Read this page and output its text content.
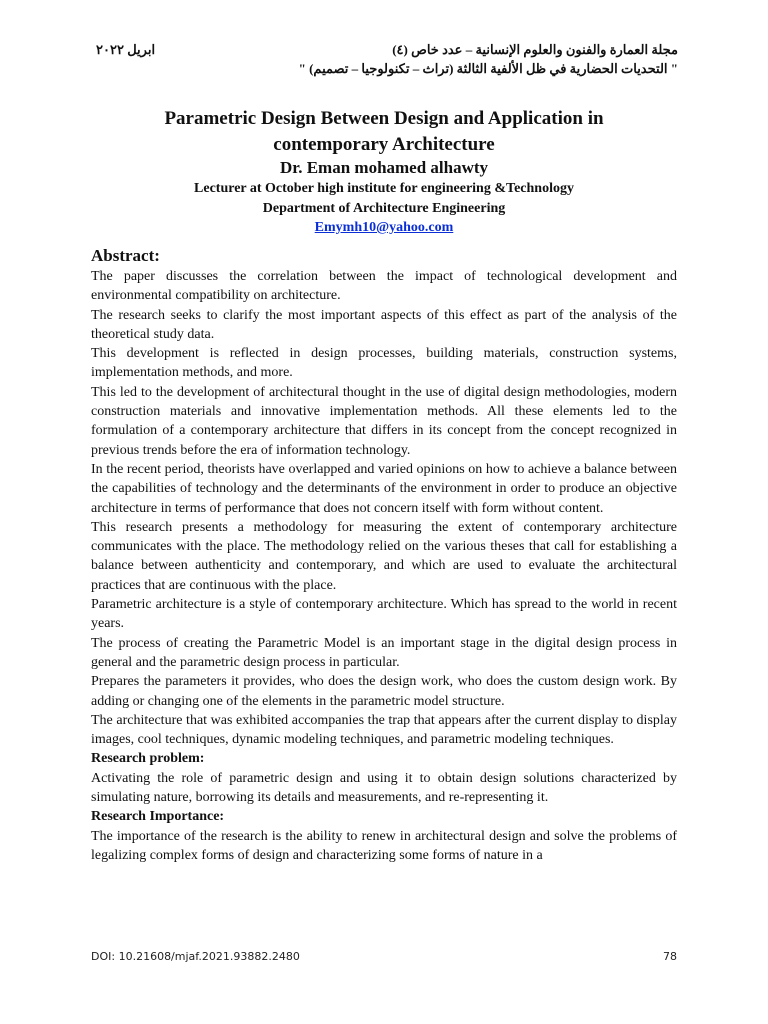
مجلة العمارة والفنون والعلوم الإنسانية – عدد خاص (٤)
ابريل ٢٠٢٢
" التحديات الحضارية في ظل الألفية الثالثة (تراث – تكنولوجيا – تصميم) "
Parametric Design Between Design and Application in
contemporary Architecture
Dr. Eman mohamed alhawty
Lecturer at October high institute for engineering &Technology
Department of Architecture Engineering
Emymh10@yahoo.com
Abstract:

The paper discusses the correlation between the impact of technological development and environmental compatibility on architecture.

The research seeks to clarify the most important aspects of this effect as part of the analysis of the theoretical study data.

This development is reflected in design processes, building materials, construction systems, implementation methods, and more.

This led to the development of architectural thought in the use of digital design methodologies, modern construction materials and innovative implementation methods. All these elements led to the formulation of a contemporary architecture that differs in its concept from the concept recognized in previous trends before the era of information technology.

In the recent period, theorists have overlapped and varied opinions on how to achieve a balance between the capabilities of technology and the determinants of the environment in order to produce an objective architecture in terms of performance that does not concern itself with form without content.

This research presents a methodology for measuring the extent of contemporary architecture communicates with the place. The methodology relied on the various theses that call for establishing a balance between authenticity and contemporary, and which are used to evaluate the architectural practices that are continuous with the place.

Parametric architecture is a style of contemporary architecture. Which has spread to the world in recent years.

The process of creating the Parametric Model is an important stage in the digital design process in general and the parametric design process in particular.

Prepares the parameters it provides, who does the design work, who does the custom design work. By adding or changing one of the elements in the parametric model structure.

The architecture that was exhibited accompanies the trap that appears after the current display to display images, cool techniques, dynamic modeling techniques, and parametric modeling techniques.

Research problem:

Activating the role of parametric design and using it to obtain design solutions characterized by simulating nature, borrowing its details and measurements, and re-representing it.

Research Importance:

The importance of the research is the ability to renew in architectural design and solve the problems of legalizing complex forms of design and characterizing some forms of nature in a

DOI: 10.21608/mjaf.2021.93882.2480	78
